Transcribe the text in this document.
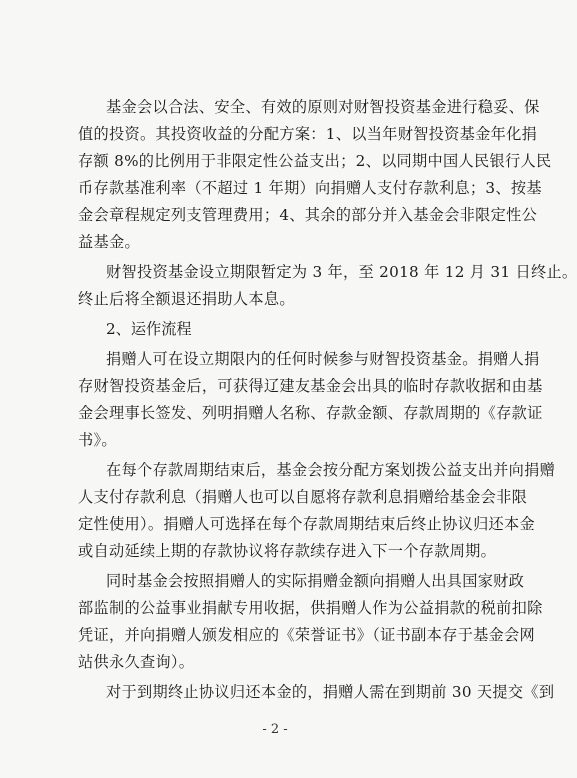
基金会以合法、安全、有效的原则对财智投资基金进行稳妥、保
值的投资。其投资收益的分配方案：1、以当年财智投资基金年化捐
存额 8%的比例用于非限定性公益支出；2、以同期中国人民银行人民
币存款基准利率（不超过 1 年期）向捐赠人支付存款利息；3、按基
金会章程规定列支管理费用；4、其余的部分并入基金会非限定性公
益基金。
财智投资基金设立期限暂定为 3 年，至 2018 年 12 月 31 日终止。
终止后将全额退还捐助人本息。
2、运作流程
捐赠人可在设立期限内的任何时候参与财智投资基金。捐赠人捐
存财智投资基金后，可获得辽建友基金会出具的临时存款收据和由基
金会理事长签发、列明捐赠人名称、存款金额、存款周期的《存款证
书》。
在每个存款周期结束后，基金会按分配方案划拨公益支出并向捐赠
人支付存款利息（捐赠人也可以自愿将存款利息捐赠给基金会非限
定性使用）。捐赠人可选择在每个存款周期结束后终止协议归还本金
或自动延续上期的存款协议将存款续存进入下一个存款周期。
同时基金会按照捐赠人的实际捐赠金额向捐赠人出具国家财政
部监制的公益事业捐献专用收据，供捐赠人作为公益捐款的税前扣除
凭证，并向捐赠人颁发相应的《荣誉证书》（证书副本存于基金会网
站供永久查询）。
对于到期终止协议归还本金的，捐赠人需在到期前 30 天提交《到
- 2 -
